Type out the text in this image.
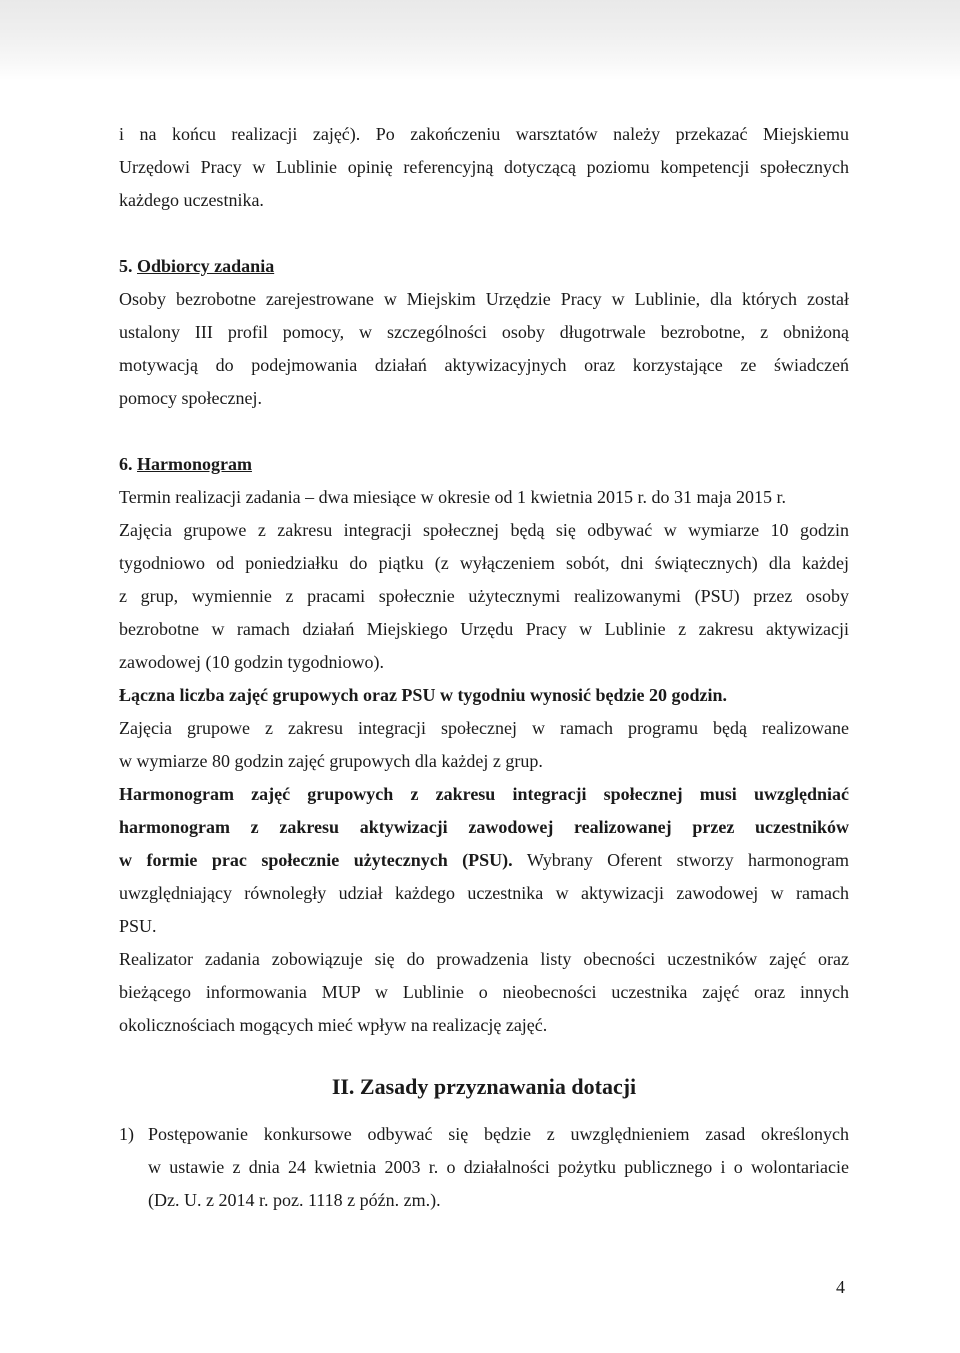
i na końcu realizacji zajęć). Po zakończeniu warsztatów należy przekazać Miejskiemu

Urzędowi Pracy w Lublinie opinię referencyjną dotyczącą poziomu kompetencji społecznych

każdego uczestnika.

5. Odbiorcy zadania

Osoby bezrobotne zarejestrowane w Miejskim Urzędzie Pracy w Lublinie, dla których został

ustalony III profil pomocy, w szczególności osoby długotrwale bezrobotne, z obniżoną

motywacją do podejmowania działań aktywizacyjnych oraz korzystające ze świadczeń

pomocy społecznej.

6. Harmonogram

Termin realizacji zadania – dwa miesiące w okresie od 1 kwietnia 2015 r. do 31 maja 2015 r.

Zajęcia grupowe z zakresu integracji społecznej będą się odbywać w wymiarze 10 godzin

tygodniowo od poniedziałku do piątku (z wyłączeniem sobót, dni świątecznych) dla każdej

z grup, wymiennie z pracami społecznie użytecznymi realizowanymi (PSU) przez osoby

bezrobotne w ramach działań Miejskiego Urzędu Pracy w Lublinie z zakresu aktywizacji

zawodowej (10 godzin tygodniowo).

Łączna liczba zajęć grupowych oraz PSU w tygodniu wynosić będzie 20 godzin.

Zajęcia grupowe z zakresu integracji społecznej w ramach programu będą realizowane

w wymiarze 80 godzin zajęć grupowych dla każdej z grup.

Harmonogram zajęć grupowych z zakresu integracji społecznej musi uwzględniać

harmonogram z zakresu aktywizacji zawodowej realizowanej przez uczestników

w formie prac społecznie użytecznych (PSU). Wybrany Oferent stworzy harmonogram

uwzględniający równoległy udział każdego uczestnika w aktywizacji zawodowej w ramach

PSU.

Realizator zadania zobowiązuje się do prowadzenia listy obecności uczestników zajęć oraz

bieżącego informowania MUP w Lublinie o nieobecności uczestnika zajęć oraz innych

okolicznościach mogących mieć wpływ na realizację zajęć.

II. Zasady przyznawania dotacji
1) Postępowanie konkursowe odbywać się będzie z uwzględnieniem zasad określonych

w ustawie z dnia 24 kwietnia 2003 r. o działalności pożytku publicznego i o wolontariacie

(Dz. U. z 2014 r. poz. 1118 z późn. zm.).

4
